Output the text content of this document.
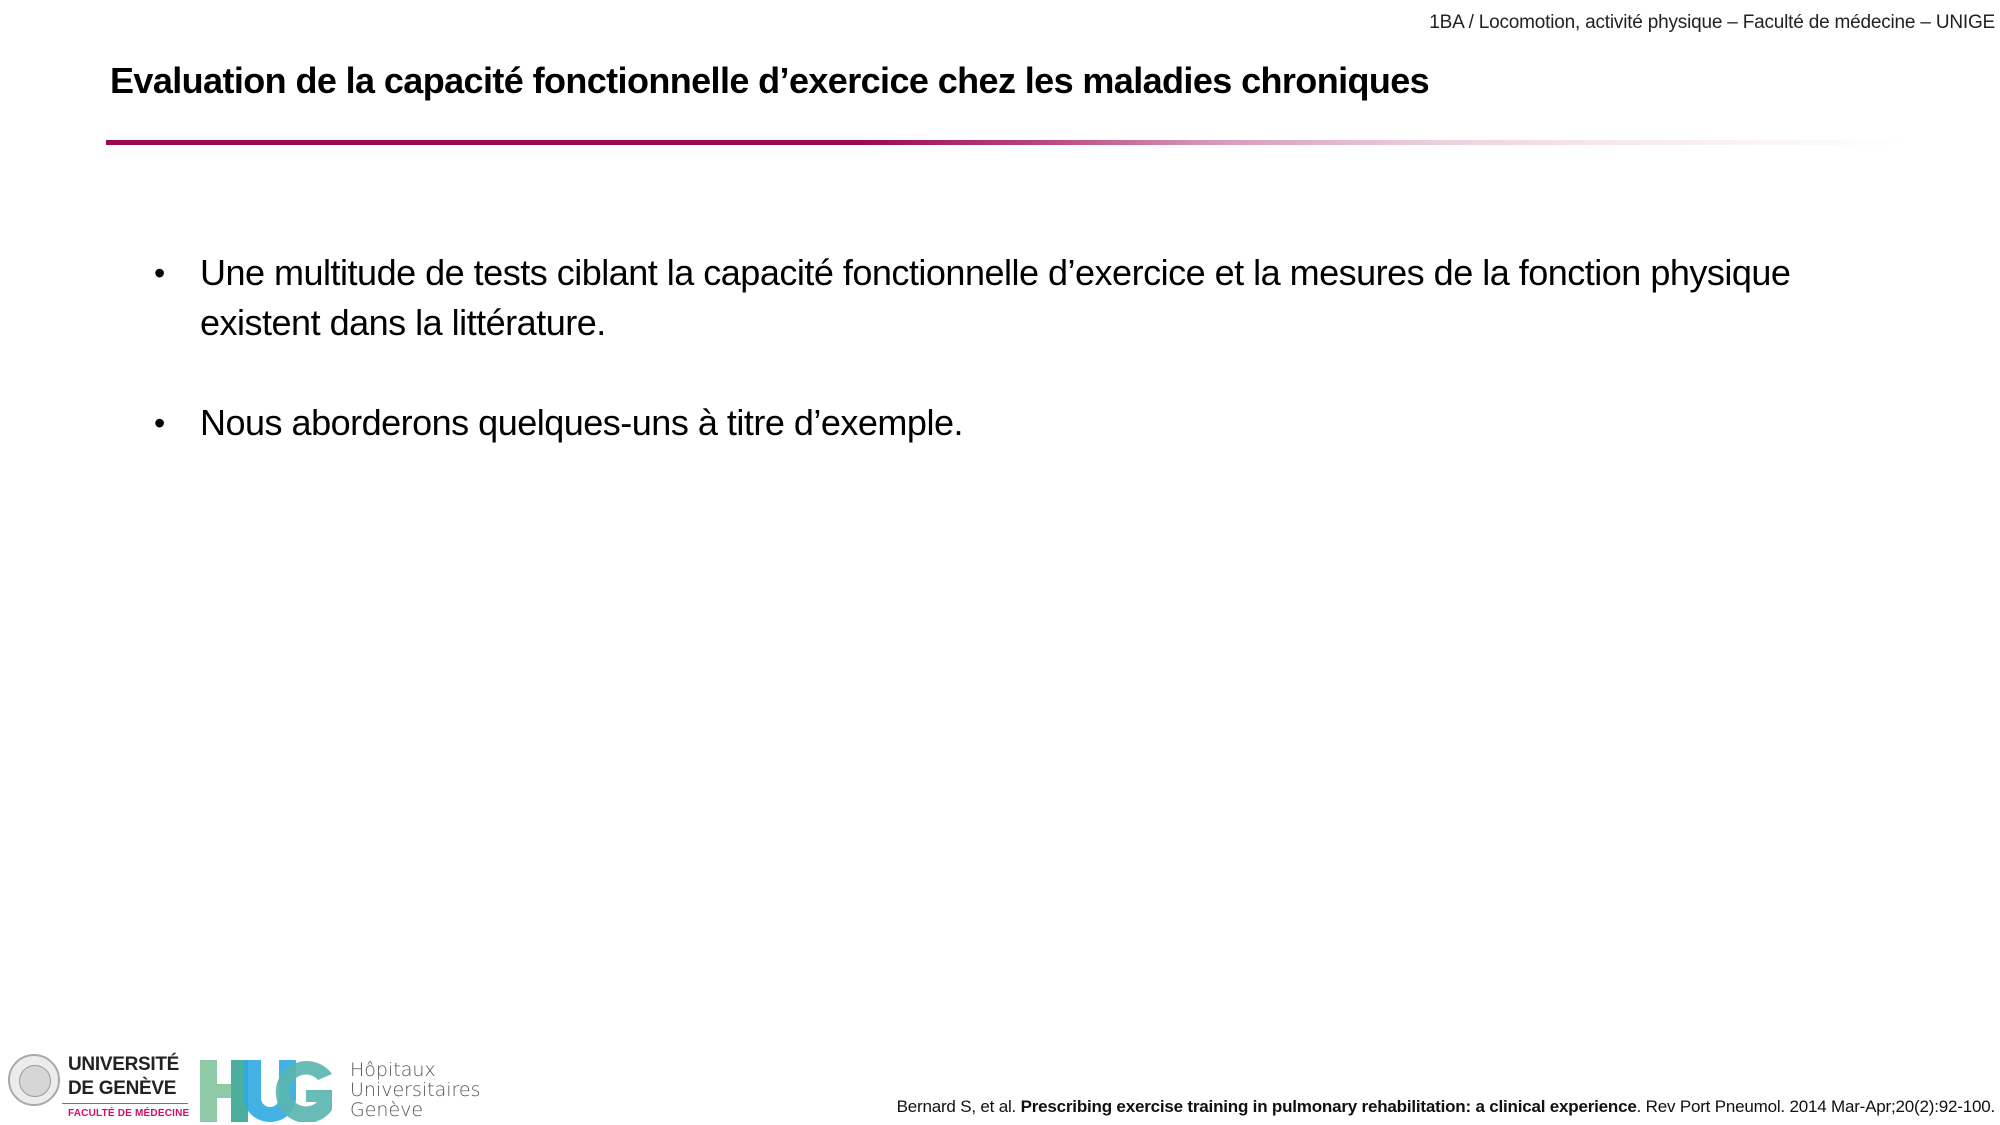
1BA / Locomotion, activité physique – Faculté de médecine – UNIGE
Evaluation de la capacité fonctionnelle d’exercice chez les maladies chroniques
• Une multitude de tests ciblant la capacité fonctionnelle d’exercice et la mesures de la fonction physique existent dans la littérature.
• Nous aborderons quelques-uns à titre d’exemple.
UNIVERSITÉ
DE GENÈVE
FACULTÉ DE MÉDECINE
Hôpitaux
Universitaires
Genève	Bernard S, et al. Prescribing exercise training in pulmonary rehabilitation: a clinical experience. Rev Port Pneumol. 2014 Mar-Apr;20(2):92-100.
